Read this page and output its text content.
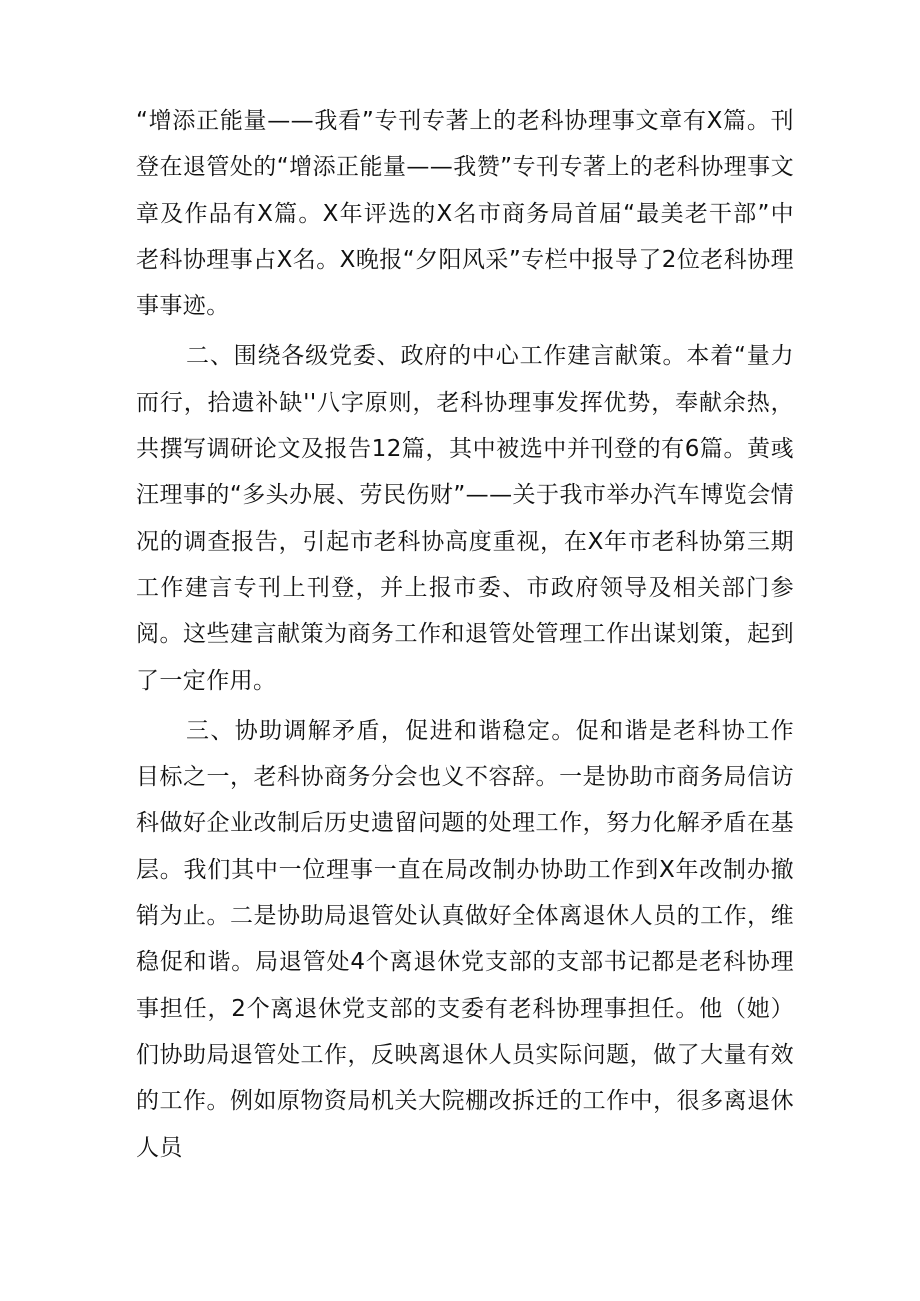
“增添正能量——我看”专刊专著上的老科协理事文章有X篇。刊登在退管处的“增添正能量——我赞”专刊专著上的老科协理事文章及作品有X篇。X年评选的X名市商务局首届“最美老干部”中老科协理事占X名。X晚报“夕阳风采”专栏中报导了2位老科协理事事迹。

二、围绕各级党委、政府的中心工作建言献策。本着“量力而行，拾遗补缺''八字原则，老科协理事发挥优势，奉献余热，共撰写调研论文及报告12篇，其中被选中并刊登的有6篇。黄彧汪理事的“多头办展、劳民伤财”——关于我市举办汽车博览会情况的调查报告，引起市老科协高度重视，在X年市老科协第三期工作建言专刊上刊登，并上报市委、市政府领导及相关部门参阅。这些建言献策为商务工作和退管处管理工作出谋划策，起到了一定作用。

三、协助调解矛盾，促进和谐稳定。促和谐是老科协工作目标之一，老科协商务分会也义不容辞。一是协助市商务局信访科做好企业改制后历史遗留问题的处理工作，努力化解矛盾在基层。我们其中一位理事一直在局改制办协助工作到X年改制办撤销为止。二是协助局退管处认真做好全体离退休人员的工作，维稳促和谐。局退管处4个离退休党支部的支部书记都是老科协理事担任，2个离退休党支部的支委有老科协理事担任。他（她）们协助局退管处工作，反映离退休人员实际问题，做了大量有效的工作。例如原物资局机关大院棚改拆迁的工作中，很多离退休人员
